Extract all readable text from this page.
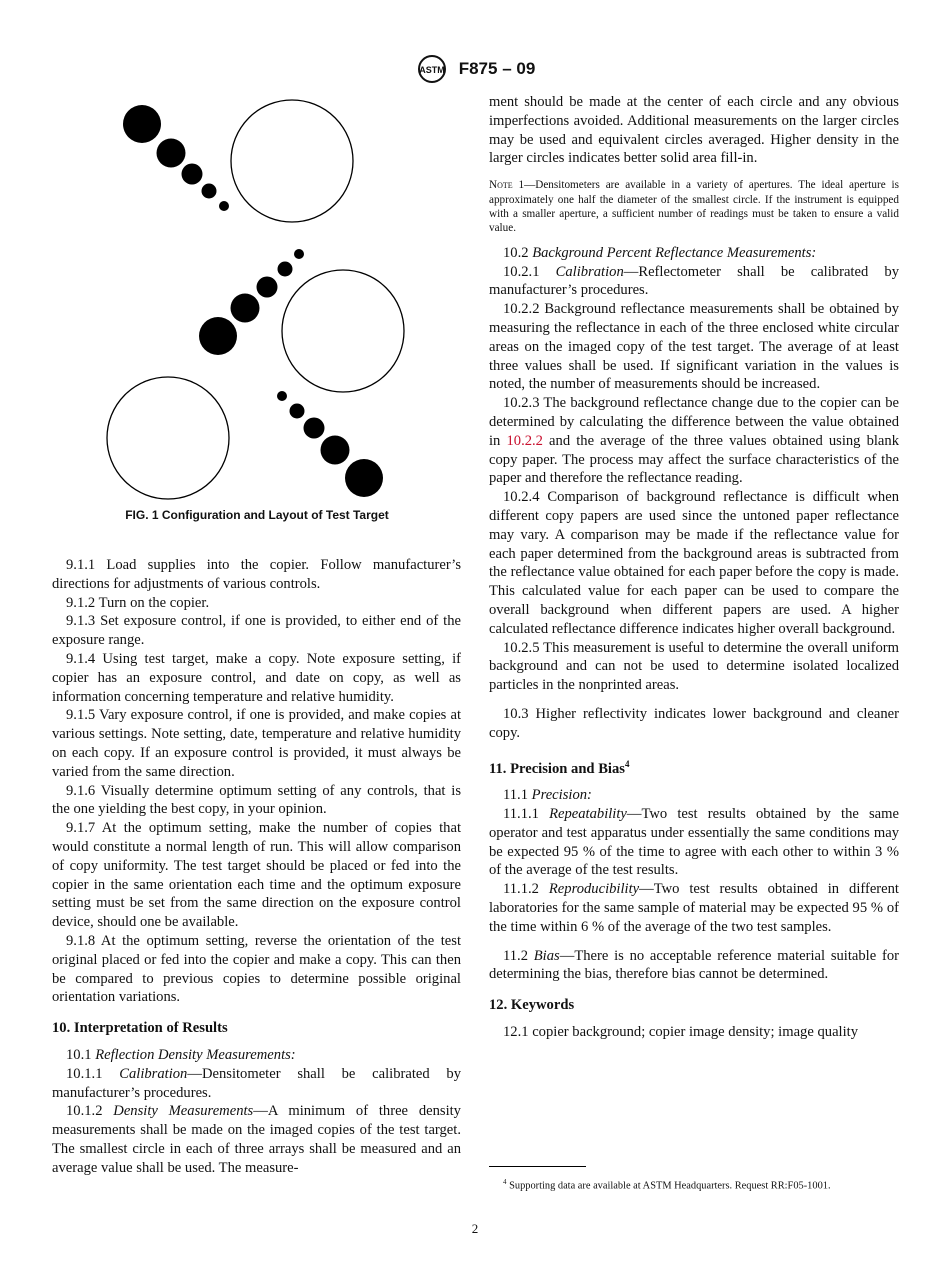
ASTM F875 – 09
FIG. 1 Configuration and Layout of Test Target

9.1.1 Load supplies into the copier. Follow manufacturer’s directions for adjustments of various controls.

9.1.2 Turn on the copier.

9.1.3 Set exposure control, if one is provided, to either end of the exposure range.

9.1.4 Using test target, make a copy. Note exposure setting, if copier has an exposure control, and date on copy, as well as information concerning temperature and relative humidity.

9.1.5 Vary exposure control, if one is provided, and make copies at various settings. Note setting, date, temperature and relative humidity on each copy. If an exposure control is provided, it must always be varied from the same direction.

9.1.6 Visually determine optimum setting of any controls, that is the one yielding the best copy, in your opinion.

9.1.7 At the optimum setting, make the number of copies that would constitute a normal length of run. This will allow comparison of copy uniformity. The test target should be placed or fed into the copier in the same orientation each time and the optimum exposure setting must be set from the same direction on the exposure control device, should one be available.

9.1.8 At the optimum setting, reverse the orientation of the test original placed or fed into the copier and make a copy. This can then be compared to previous copies to determine possible original orientation variations.

10. Interpretation of Results

10.1 Reflection Density Measurements:

10.1.1 Calibration—Densitometer shall be calibrated by manufacturer’s procedures.

10.1.2 Density Measurements—A minimum of three density measurements shall be made on the imaged copies of the test target. The smallest circle in each of three arrays shall be measured and an average value shall be used. The measure-

ment should be made at the center of each circle and any obvious imperfections avoided. Additional measurements on the larger circles may be used and equivalent circles averaged. Higher density in the larger circles indicates better solid area fill-in.

Note 1—Densitometers are available in a variety of apertures. The ideal aperture is approximately one half the diameter of the smallest circle. If the instrument is equipped with a smaller aperture, a sufficient number of readings must be taken to ensure a valid value.

10.2 Background Percent Reflectance Measurements:

10.2.1 Calibration—Reflectometer shall be calibrated by manufacturer’s procedures.

10.2.2 Background reflectance measurements shall be obtained by measuring the reflectance in each of the three enclosed white circular areas on the imaged copy of the test target. The average of at least three values shall be used. If significant variation in the values is noted, the number of measurements should be increased.

10.2.3 The background reflectance change due to the copier can be determined by calculating the difference between the value obtained in 10.2.2 and the average of the three values obtained using blank copy paper. The process may affect the surface characteristics of the paper and therefore the reflectance reading.

10.2.4 Comparison of background reflectance is difficult when different copy papers are used since the untoned paper reflectance may vary. A comparison may be made if the reflectance value for each paper determined from the background areas is subtracted from the reflectance value obtained for each paper before the copy is made. This calculated value for each paper can be used to compare the overall background when different papers are used. A higher calculated reflectance difference indicates higher overall background.

10.2.5 This measurement is useful to determine the overall uniform background and can not be used to determine isolated localized particles in the nonprinted areas.

10.3 Higher reflectivity indicates lower background and cleaner copy.

11. Precision and Bias$^4$

11.1 Precision:

11.1.1 Repeatability—Two test results obtained by the same operator and test apparatus under essentially the same conditions may be expected 95 % of the time to agree with each other to within 3 % of the average of the test results.

11.1.2 Reproducibility—Two test results obtained in different laboratories for the same sample of material may be expected 95 % of the time within 6 % of the average of the two test samples.

11.2 Bias—There is no acceptable reference material suitable for determining the bias, therefore bias cannot be determined.

12. Keywords

12.1 copier background; copier image density; image quality

$^4$ Supporting data are available at ASTM Headquarters. Request RR:F05-1001.
2
